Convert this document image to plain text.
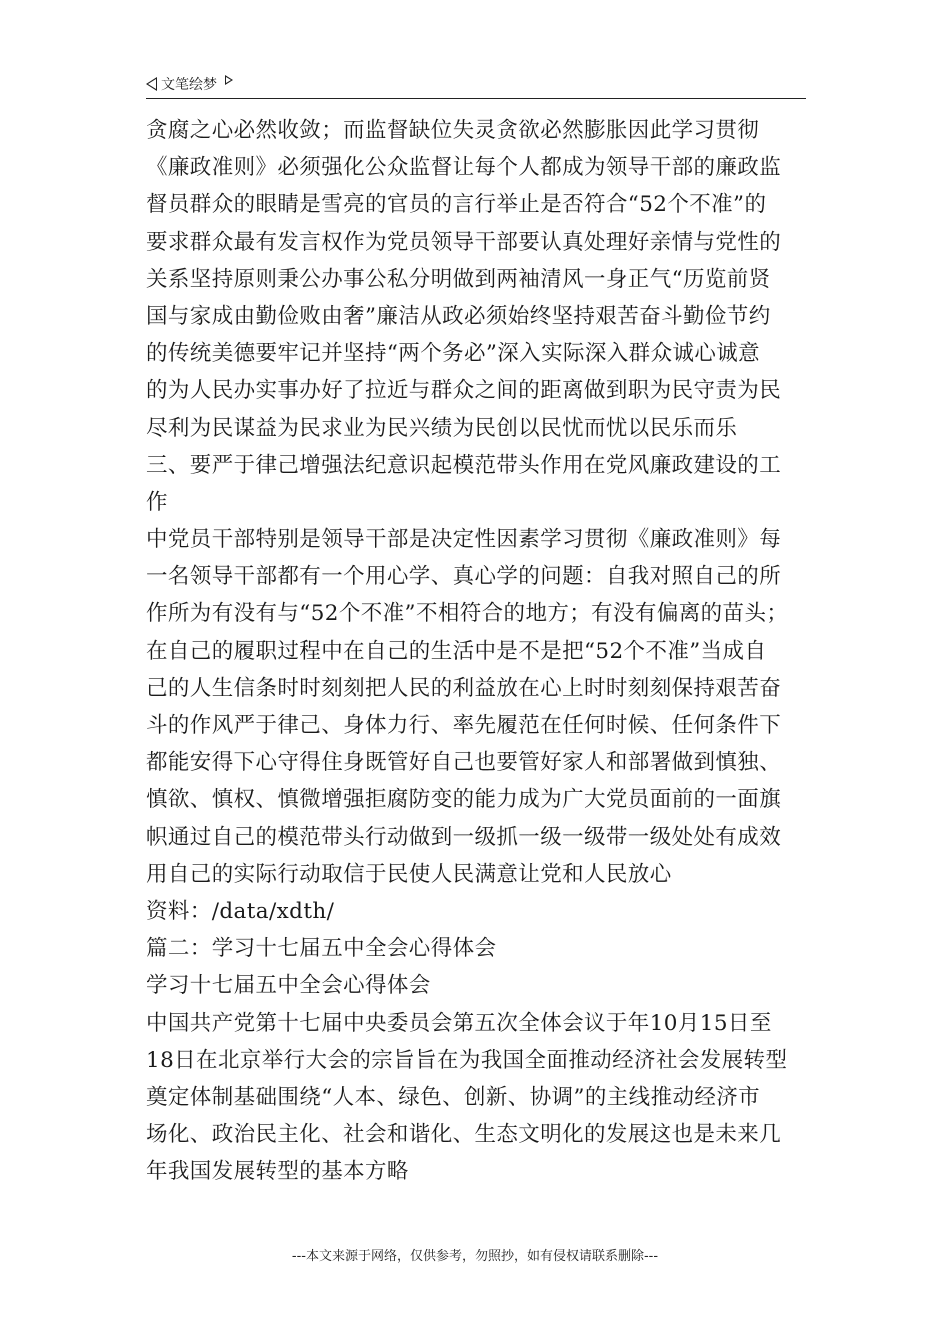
文笔绘梦
贪腐之心必然收敛；而监督缺位失灵贪欲必然膨胀因此学习贯彻
《廉政准则》必须强化公众监督让每个人都成为领导干部的廉政监
督员群众的眼睛是雪亮的官员的言行举止是否符合“52个不准”的
要求群众最有发言权作为党员领导干部要认真处理好亲情与党性的
关系坚持原则秉公办事公私分明做到两袖清风一身正气“历览前贤
国与家成由勤俭败由奢”廉洁从政必须始终坚持艰苦奋斗勤俭节约
的传统美德要牢记并坚持“两个务必”深入实际深入群众诚心诚意
的为人民办实事办好了拉近与群众之间的距离做到职为民守责为民
尽利为民谋益为民求业为民兴绩为民创以民忧而忧以民乐而乐
三、要严于律己增强法纪意识起模范带头作用在党风廉政建设的工
作
中党员干部特别是领导干部是决定性因素学习贯彻《廉政准则》每
一名领导干部都有一个用心学、真心学的问题：自我对照自己的所
作所为有没有与“52个不准”不相符合的地方；有没有偏离的苗头；
在自己的履职过程中在自己的生活中是不是把“52个不准”当成自
己的人生信条时时刻刻把人民的利益放在心上时时刻刻保持艰苦奋
斗的作风严于律己、身体力行、率先履范在任何时候、任何条件下
都能安得下心守得住身既管好自己也要管好家人和部署做到慎独、
慎欲、慎权、慎微增强拒腐防变的能力成为广大党员面前的一面旗
帜通过自己的模范带头行动做到一级抓一级一级带一级处处有成效
用自己的实际行动取信于民使人民满意让党和人民放心
资料：/data/xdth/
篇二：学习十七届五中全会心得体会
学习十七届五中全会心得体会
中国共产党第十七届中央委员会第五次全体会议于年10月15日至
18日在北京举行大会的宗旨旨在为我国全面推动经济社会发展转型
奠定体制基础围绕“人本、绿色、创新、协调”的主线推动经济市
场化、政治民主化、社会和谐化、生态文明化的发展这也是未来几
年我国发展转型的基本方略
---本文来源于网络，仅供参考，勿照抄，如有侵权请联系删除---
